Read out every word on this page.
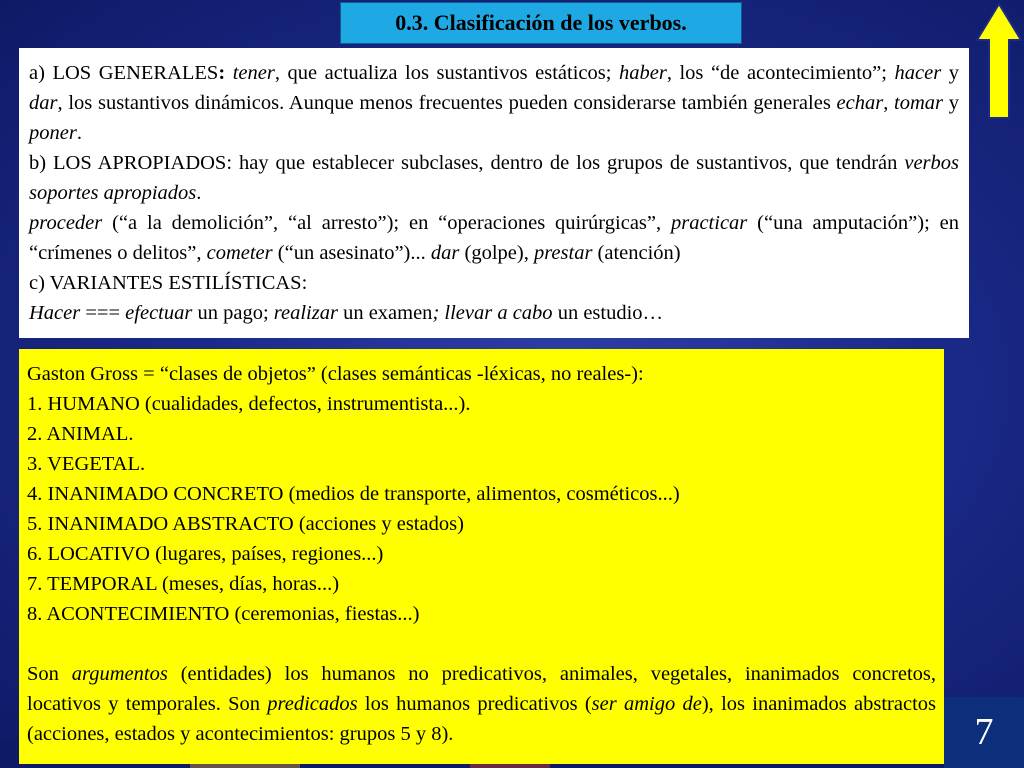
0.3. Clasificación de los verbos.

a) LOS GENERALES: tener, que actualiza los sustantivos estáticos; haber, los “de acontecimiento”; hacer y dar, los sustantivos dinámicos. Aunque menos frecuentes pueden considerarse también generales echar, tomar y poner.

b) LOS APROPIADOS: hay que establecer subclases, dentro de los grupos de sustantivos, que tendrán verbos soportes apropiados.

proceder (“a la demolición”, “al arresto”); en “operaciones quirúrgicas”, practicar (“una amputación”); en “crímenes o delitos”, cometer (“un asesinato”)... dar (golpe), prestar (atención)

c) VARIANTES ESTILÍSTICAS:

Hacer === efectuar un pago; realizar un examen; llevar a cabo un estudio…

Gaston Gross = “clases de objetos” (clases semánticas -léxicas, no reales-):
1. HUMANO (cualidades, defectos, instrumentista...).
2. ANIMAL.
3. VEGETAL.
4. INANIMADO CONCRETO (medios de transporte, alimentos, cosméticos...)
5. INANIMADO ABSTRACTO (acciones y estados)
6. LOCATIVO (lugares, países, regiones...)
7. TEMPORAL (meses, días, horas...)
8. ACONTECIMIENTO (ceremonias, fiestas...)
Son argumentos (entidades) los humanos no predicativos, animales, vegetales, inanimados concretos, locativos y temporales. Son predicados los humanos predicativos (ser amigo de), los inanimados abstractos (acciones, estados y acontecimientos: grupos 5 y 8).	7
